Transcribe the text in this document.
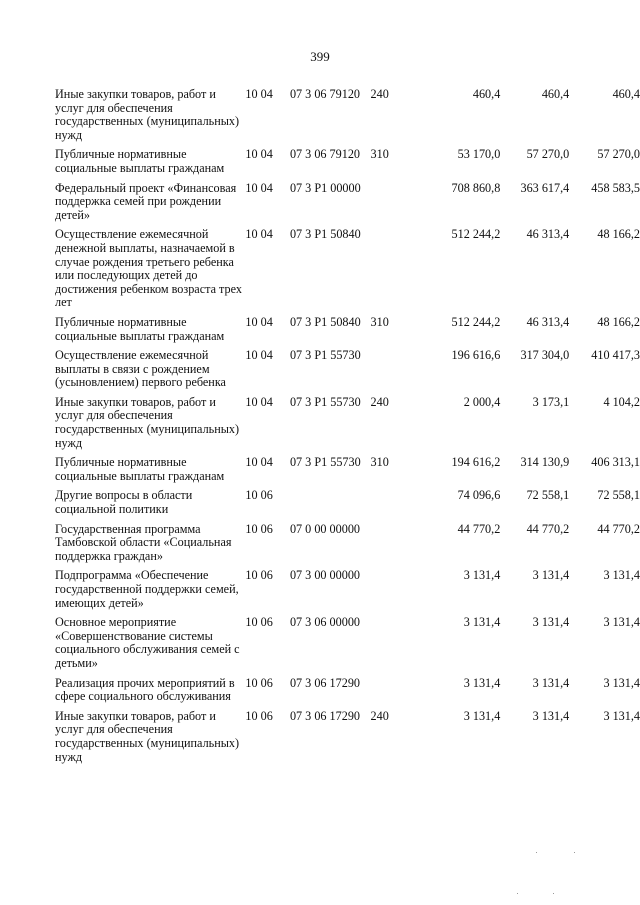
399
Иные закупки товаров, работ и услуг для обеспечения государственных (муниципальных) нужд	10 04	07 3 06 79120	240	460,4	460,4	460,4
Публичные нормативные социальные выплаты гражданам	10 04	07 3 06 79120	310	53 170,0	57 270,0	57 270,0
Федеральный проект «Финансовая поддержка семей при рождении детей»	10 04	07 3 P1 00000		708 860,8	363 617,4	458 583,5
Осуществление ежемесячной денежной выплаты, назначаемой в случае рождения третьего ребенка или последующих детей до достижения ребенком возраста трех лет	10 04	07 3 P1 50840		512 244,2	46 313,4	48 166,2
Публичные нормативные социальные выплаты гражданам	10 04	07 3 P1 50840	310	512 244,2	46 313,4	48 166,2
Осуществление ежемесячной выплаты в связи с рождением (усыновлением) первого ребенка	10 04	07 3 P1 55730		196 616,6	317 304,0	410 417,3
Иные закупки товаров, работ и услуг для обеспечения государственных (муниципальных) нужд	10 04	07 3 P1 55730	240	2 000,4	3 173,1	4 104,2
Публичные нормативные социальные выплаты гражданам	10 04	07 3 P1 55730	310	194 616,2	314 130,9	406 313,1
Другие вопросы в области социальной политики	10 06			74 096,6	72 558,1	72 558,1
Государственная программа Тамбовской области «Социальная поддержка граждан»	10 06	07 0 00 00000		44 770,2	44 770,2	44 770,2
Подпрограмма «Обеспечение государственной поддержки семей, имеющих детей»	10 06	07 3 00 00000		3 131,4	3 131,4	3 131,4
Основное мероприятие «Совершенствование системы социального обслуживания семей с детьми»	10 06	07 3 06 00000		3 131,4	3 131,4	3 131,4
Реализация прочих мероприятий в сфере социального обслуживания	10 06	07 3 06 17290		3 131,4	3 131,4	3 131,4
Иные закупки товаров, работ и услуг для обеспечения государственных (муниципальных) нужд	10 06	07 3 06 17290	240	3 131,4	3 131,4	3 131,4
